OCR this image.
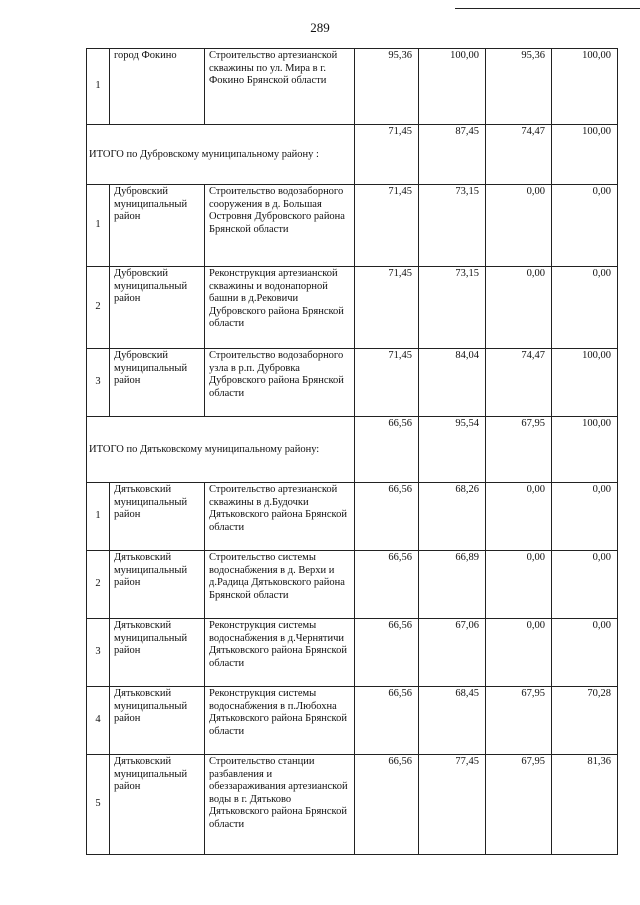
289
1	город Фокино	Строительство артезианской скважины по ул. Мира в г. Фокино Брянской области	95,36	100,00	95,36	100,00
ИТОГО по Дубровскому муниципальному району :			71,45	87,45	74,47	100,00
1	Дубровский муниципальный район	Строительство водозаборного сооружения в д. Большая Островня Дубровского района Брянской области	71,45	73,15	0,00	0,00
2	Дубровский муниципальный район	Реконструкция артезианской скважины и водонапорной башни в д.Рековичи Дубровского района Брянской области	71,45	73,15	0,00	0,00
3	Дубровский муниципальный район	Строительство водозаборного узла в р.п. Дубровка Дубровского района Брянской области	71,45	84,04	74,47	100,00
ИТОГО по Дятьковскому муниципальному району:			66,56	95,54	67,95	100,00
1	Дятьковский муниципальный район	Строительство артезианской скважины в д.Будочки Дятьковского района Брянской области	66,56	68,26	0,00	0,00
2	Дятьковский муниципальный район	Строительство системы водоснабжения в д. Верхи и д.Радица Дятьковского района Брянской области	66,56	66,89	0,00	0,00
3	Дятьковский муниципальный район	Реконструкция системы водоснабжения в д.Чернятичи Дятьковского района Брянской области	66,56	67,06	0,00	0,00
4	Дятьковский муниципальный район	Реконструкция системы водоснабжения в п.Любохна Дятьковского района Брянской области	66,56	68,45	67,95	70,28
5	Дятьковский муниципальный район	Строительство станции разбавления и обеззараживания артезианской воды в г. Дятьково Дятьковского района Брянской области	66,56	77,45	67,95	81,36
